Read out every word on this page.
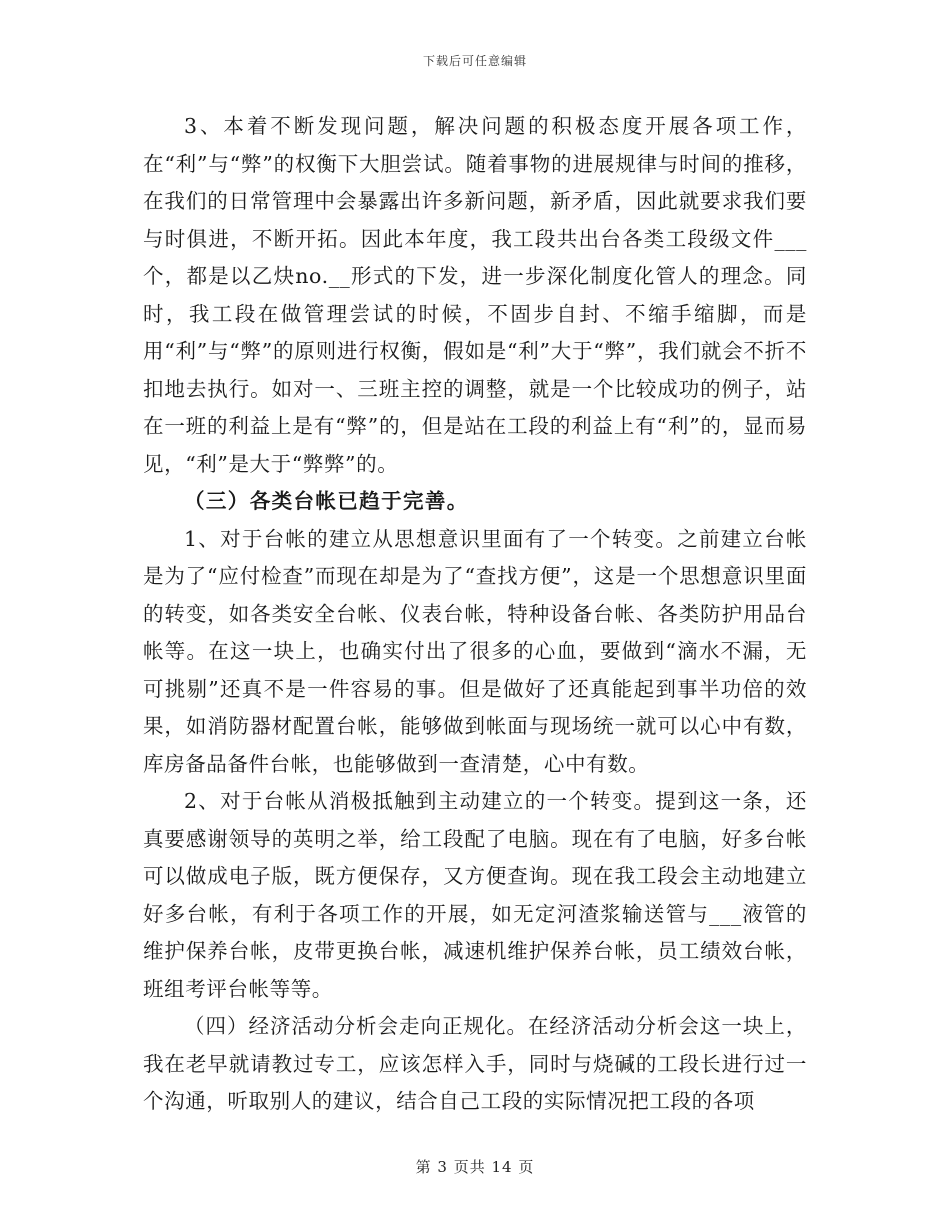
下载后可任意编辑

3、本着不断发现问题，解决问题的积极态度开展各项工作，在“利”与“弊”的权衡下大胆尝试。随着事物的进展规律与时间的推移，在我们的日常管理中会暴露出许多新问题，新矛盾，因此就要求我们要与时俱进，不断开拓。因此本年度，我工段共出台各类工段级文件___个，都是以乙炔no.__形式的下发，进一步深化制度化管人的理念。同时，我工段在做管理尝试的时候，不固步自封、不缩手缩脚，而是用“利”与“弊”的原则进行权衡，假如是“利”大于“弊”，我们就会不折不扣地去执行。如对一、三班主控的调整，就是一个比较成功的例子，站在一班的利益上是有“弊”的，但是站在工段的利益上有“利”的，显而易见，“利”是大于“弊弊”的。

（三）各类台帐已趋于完善。

1、对于台帐的建立从思想意识里面有了一个转变。之前建立台帐是为了“应付检查”而现在却是为了“查找方便”，这是一个思想意识里面的转变，如各类安全台帐、仪表台帐，特种设备台帐、各类防护用品台帐等。在这一块上，也确实付出了很多的心血，要做到“滴水不漏，无可挑剔”还真不是一件容易的事。但是做好了还真能起到事半功倍的效果，如消防器材配置台帐，能够做到帐面与现场统一就可以心中有数，库房备品备件台帐，也能够做到一查清楚，心中有数。

2、对于台帐从消极抵触到主动建立的一个转变。提到这一条，还真要感谢领导的英明之举，给工段配了电脑。现在有了电脑，好多台帐可以做成电子版，既方便保存，又方便查询。现在我工段会主动地建立好多台帐，有利于各项工作的开展，如无定河渣浆输送管与___液管的维护保养台帐，皮带更换台帐，减速机维护保养台帐，员工绩效台帐，班组考评台帐等等。

（四）经济活动分析会走向正规化。在经济活动分析会这一块上，我在老早就请教过专工，应该怎样入手，同时与烧碱的工段长进行过一个沟通，听取别人的建议，结合自己工段的实际情况把工段的各项

第 3 页共 14 页
